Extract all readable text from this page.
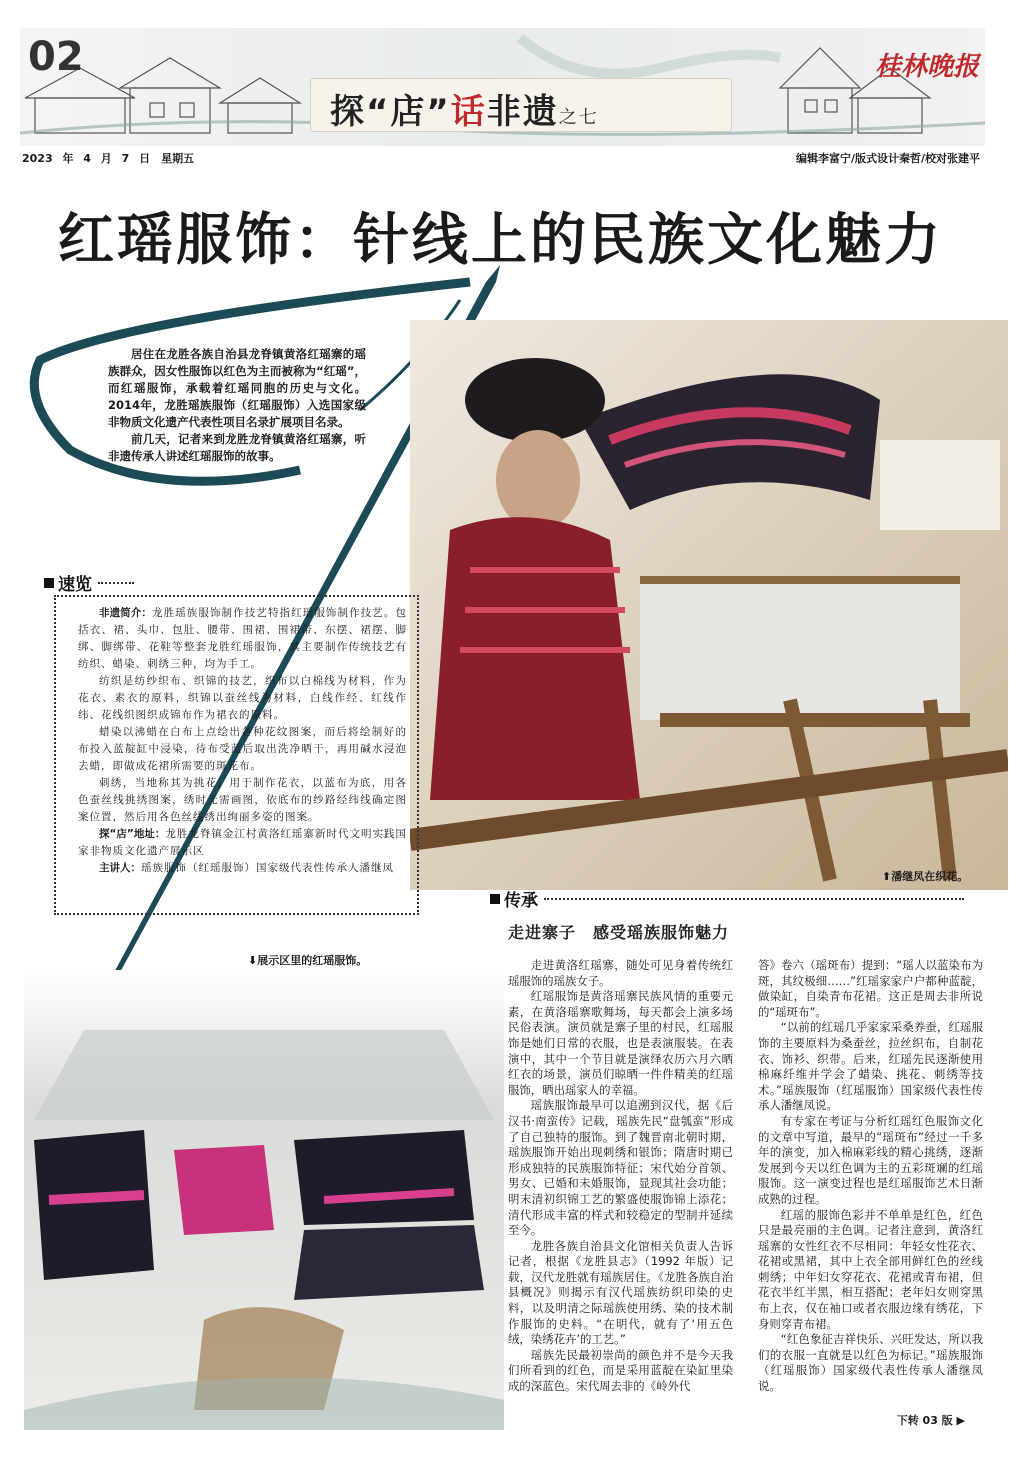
02
探“店”话非遗之七
桂林晚报
2023 年 4 月 7 日　星期五	编辑李富宁/版式设计秦哲/校对张建平
红瑶服饰：针线上的民族文化魅力

居住在龙胜各族自治县龙脊镇黄洛红瑶寨的瑶族群众，因女性服饰以红色为主而被称为“红瑶”，而红瑶服饰，承载着红瑶同胞的历史与文化。2014年，龙胜瑶族服饰（红瑶服饰）入选国家级非物质文化遗产代表性项目名录扩展项目名录。

前几天，记者来到龙胜龙脊镇黄洛红瑶寨，听非遗传承人讲述红瑶服饰的故事。

⬆潘继凤在织花。
速览

非遗简介：龙胜瑶族服饰制作技艺特指红瑶服饰制作技艺。包括衣、裙、头巾、包肚、腰带、围裙、围裙带、东摆、裙摆、脚绑、脚绑带、花鞋等整套龙胜红瑶服饰，其主要制作传统技艺有纺织、蜡染、刺绣三种，均为手工。

纺织是纺纱织布、织锦的技艺，织布以白棉线为材料，作为花衣、素衣的原料，织锦以蚕丝线为材料，白线作经、红线作纬、花线织图织成锦布作为裙衣的原料。

蜡染以沸蜡在白布上点绘出各种花纹图案，而后将绘制好的布投入蓝靛缸中浸染，待布受蓝后取出洗净晒干，再用碱水浸泡去蜡，即做成花裙所需要的斑花布。

刺绣，当地称其为挑花，用于制作花衣，以蓝布为底，用各色蚕丝线挑绣图案，绣时无需画图，依底布的纱路经纬线确定图案位置，然后用各色丝线绣出绚丽多姿的图案。

探“店”地址：龙胜龙脊镇金江村黄洛红瑶寨新时代文明实践国家非物质文化遗产展示区

主讲人：瑶族服饰（红瑶服饰）国家级代表性传承人潘继凤

⬇展示区里的红瑶服饰。
传承
走进寨子　感受瑶族服饰魅力

走进黄洛红瑶寨，随处可见身着传统红瑶服饰的瑶族女子。

红瑶服饰是黄洛瑶寨民族风情的重要元素，在黄洛瑶寨歌舞场，每天都会上演多场民俗表演。演员就是寨子里的村民，红瑶服饰是她们日常的衣服，也是表演服装。在表演中，其中一个节目就是演绎农历六月六晒红衣的场景，演员们晾晒一件件精美的红瑶服饰，晒出瑶家人的幸福。

瑶族服饰最早可以追溯到汉代，据《后汉书·南蛮传》记载，瑶族先民“盘瓠蛮”形成了自己独特的服饰。到了魏晋南北朝时期，瑶族服饰开始出现刺绣和银饰；隋唐时期已形成独特的民族服饰特征；宋代始分首领、男女、已婚和未婚服饰，显现其社会功能；明末清初织锦工艺的繁盛使服饰锦上添花；清代形成丰富的样式和较稳定的型制并延续至今。

龙胜各族自治县文化馆相关负责人告诉记者，根据《龙胜县志》（1992 年版）记载，汉代龙胜就有瑶族居住。《龙胜各族自治县概况》则揭示有汉代瑶族纺织印染的史料，以及明清之际瑶族使用绣、染的技术制作服饰的史料。“在明代，就有了‘用五色绒，染绣花卉’的工艺。”

瑶族先民最初崇尚的颜色并不是今天我们所看到的红色，而是采用蓝靛在染缸里染成的深蓝色。宋代周去非的《岭外代

答》卷六（瑶斑布）提到：“瑶人以蓝染布为斑，其纹极细……”红瑶家家户户都种蓝靛，做染缸，自染青布花裙。这正是周去非所说的“瑶斑布”。

“以前的红瑶几乎家家采桑养蚕，红瑶服饰的主要原料为桑蚕丝，拉丝织布，自制花衣、饰衫、织带。后来，红瑶先民逐渐使用棉麻纤维并学会了蜡染、挑花、刺绣等技术。”瑶族服饰（红瑶服饰）国家级代表性传承人潘继凤说。

有专家在考证与分析红瑶红色服饰文化的文章中写道，最早的“瑶斑布”经过一千多年的演变，加入棉麻彩线的精心挑绣，逐渐发展到今天以红色调为主的五彩斑斓的红瑶服饰。这一演变过程也是红瑶服饰艺术日渐成熟的过程。

红瑶的服饰色彩并不单单是红色，红色只是最亮丽的主色调。记者注意到，黄洛红瑶寨的女性红衣不尽相同：年轻女性花衣、花裙或黑裙，其中上衣全部用鲜红色的丝线刺绣；中年妇女穿花衣、花裙或青布裙，但花衣半红半黑，相互搭配；老年妇女则穿黑布上衣，仅在袖口或者衣服边缘有绣花，下身则穿青布裙。

“红色象征吉祥快乐、兴旺发达，所以我们的衣服一直就是以红色为标记。”瑶族服饰（红瑶服饰）国家级代表性传承人潘继凤说。

下转 03 版 ▶
